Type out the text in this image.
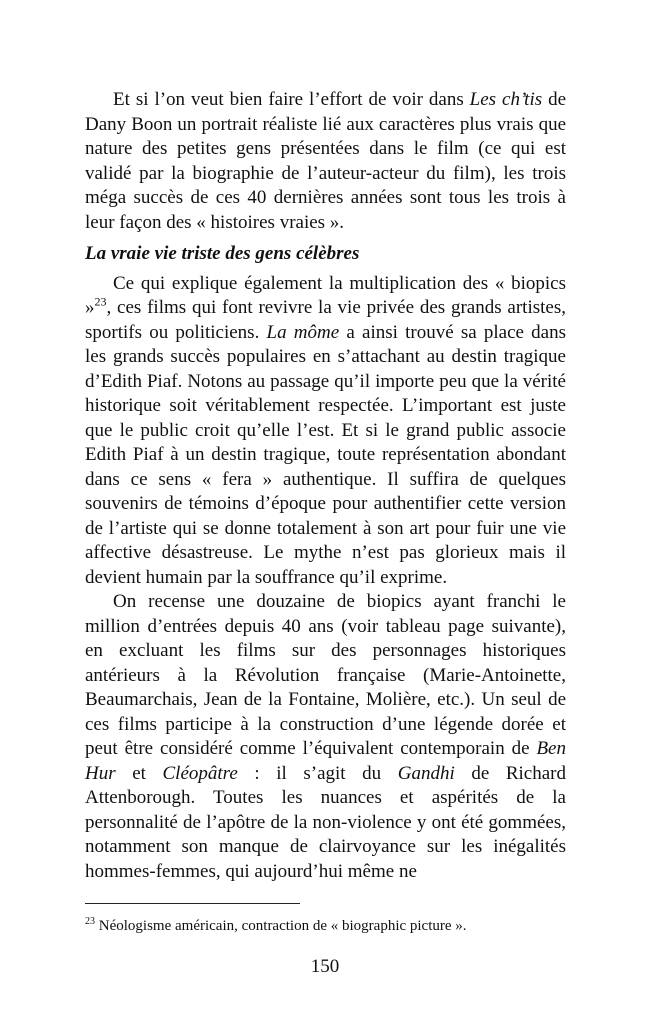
Et si l’on veut bien faire l’effort de voir dans Les ch’tis de Dany Boon un portrait réaliste lié aux caractères plus vrais que nature des petites gens présentées dans le film (ce qui est validé par la biographie de l’auteur-acteur du film), les trois méga succès de ces 40 dernières années sont tous les trois à leur façon des « histoires vraies ».

La vraie vie triste des gens célèbres

Ce qui explique également la multiplication des « biopics »$^{23}$, ces films qui font revivre la vie privée des grands artistes, sportifs ou politiciens. La môme a ainsi trouvé sa place dans les grands succès populaires en s’attachant au destin tragique d’Edith Piaf. Notons au passage qu’il importe peu que la vérité historique soit véritablement respectée. L’important est juste que le public croit qu’elle l’est. Et si le grand public associe Edith Piaf à un destin tragique, toute représentation abondant dans ce sens « fera » authentique. Il suffira de quelques souvenirs de témoins d’époque pour authentifier cette version de l’artiste qui se donne totalement à son art pour fuir une vie affective désastreuse. Le mythe n’est pas glorieux mais il devient humain par la souffrance qu’il exprime.

On recense une douzaine de biopics ayant franchi le million d’entrées depuis 40 ans (voir tableau page suivante), en excluant les films sur des personnages historiques antérieurs à la Révolution française (Marie-Antoinette, Beaumarchais, Jean de la Fontaine, Molière, etc.). Un seul de ces films participe à la construction d’une légende dorée et peut être considéré comme l’équivalent contemporain de Ben Hur et Cléopâtre : il s’agit du Gandhi de Richard Attenborough. Toutes les nuances et aspérités de la personnalité de l’apôtre de la non-violence y ont été gommées, notamment son manque de clairvoyance sur les inégalités hommes-femmes, qui aujourd’hui même ne

$^{23}$ Néologisme américain, contraction de « biographic picture ».
150
